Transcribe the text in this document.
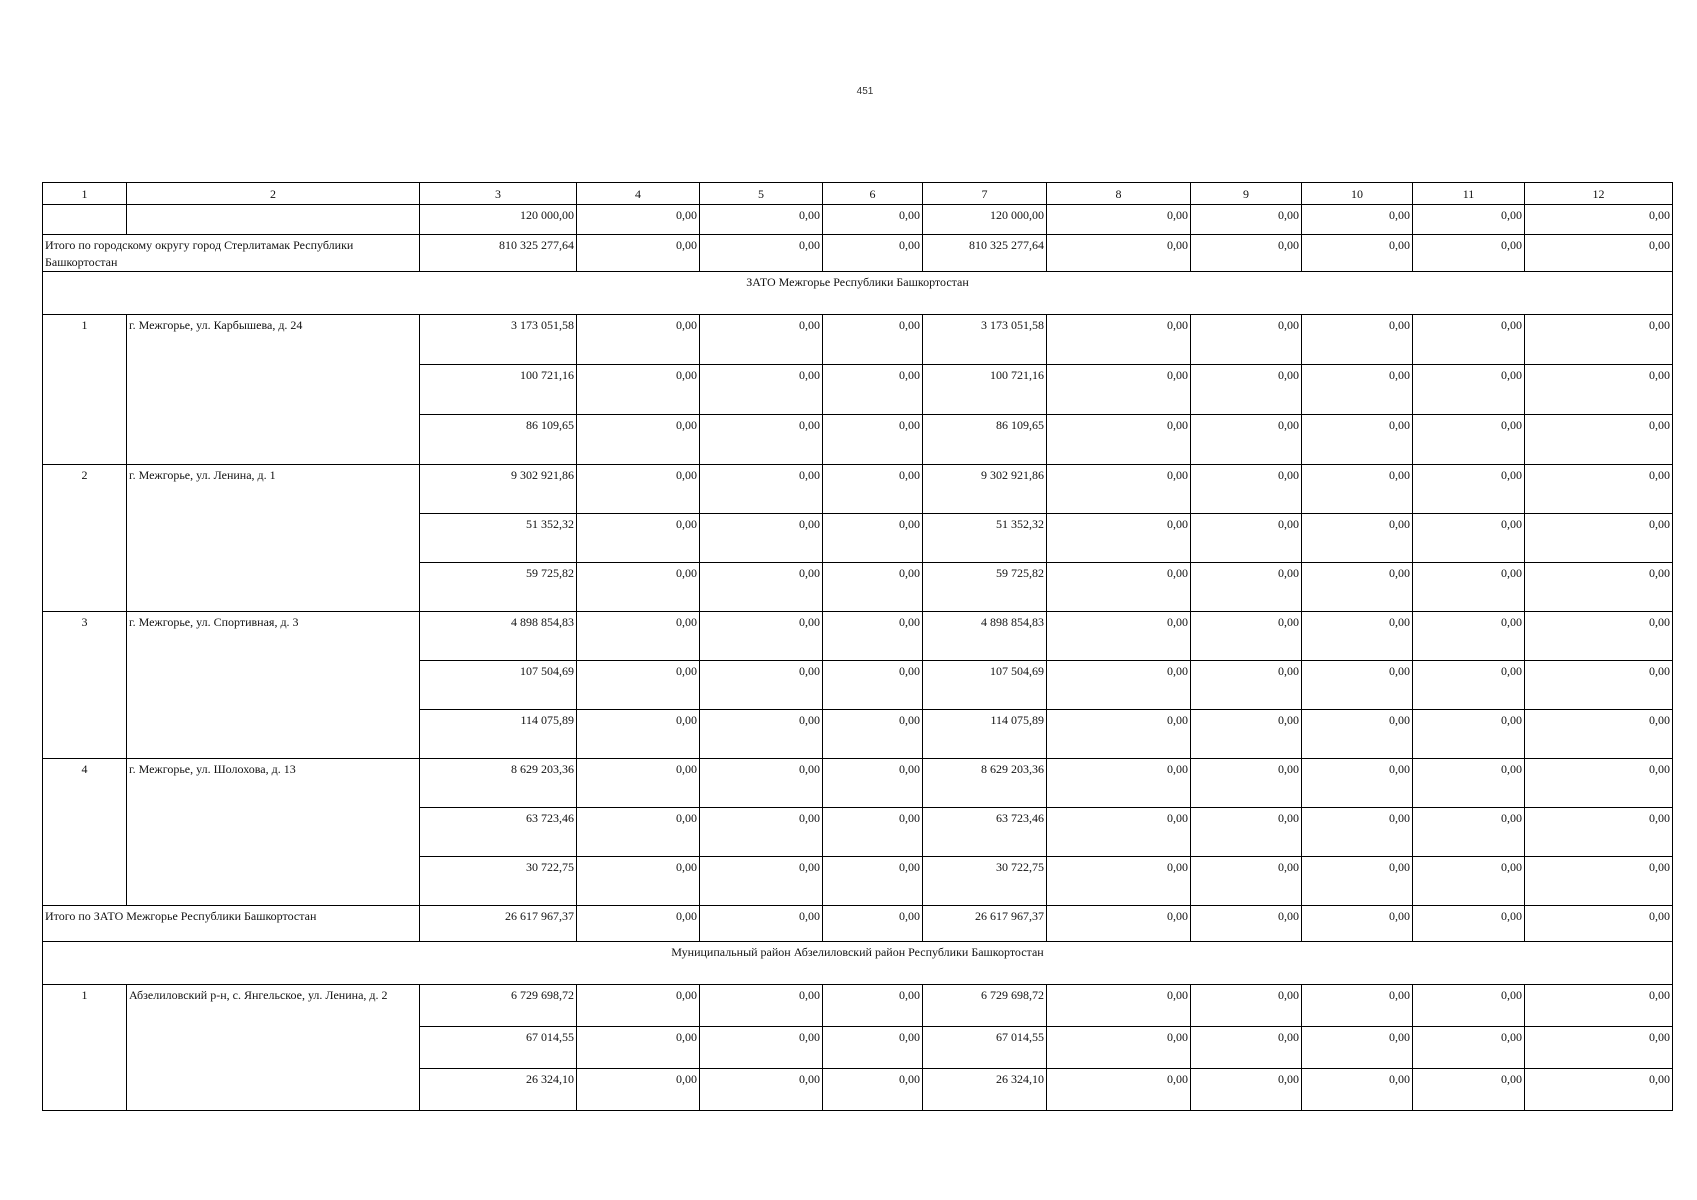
451
1	2	3	4	5	6	7	8	9	10	11	12
		120 000,00	0,00	0,00	0,00	120 000,00	0,00	0,00	0,00	0,00	0,00
Итого по городскому округу город Стерлитамак Республики Башкортостан		810 325 277,64	0,00	0,00	0,00	810 325 277,64	0,00	0,00	0,00	0,00	0,00
ЗАТО Межгорье Республики Башкортостан											
1	г. Межгорье, ул. Карбышева, д. 24	3 173 051,58	0,00	0,00	0,00	3 173 051,58	0,00	0,00	0,00	0,00	0,00
		100 721,16	0,00	0,00	0,00	100 721,16	0,00	0,00	0,00	0,00	0,00
		86 109,65	0,00	0,00	0,00	86 109,65	0,00	0,00	0,00	0,00	0,00
2	г. Межгорье, ул. Ленина, д. 1	9 302 921,86	0,00	0,00	0,00	9 302 921,86	0,00	0,00	0,00	0,00	0,00
		51 352,32	0,00	0,00	0,00	51 352,32	0,00	0,00	0,00	0,00	0,00
		59 725,82	0,00	0,00	0,00	59 725,82	0,00	0,00	0,00	0,00	0,00
3	г. Межгорье, ул. Спортивная, д. 3	4 898 854,83	0,00	0,00	0,00	4 898 854,83	0,00	0,00	0,00	0,00	0,00
		107 504,69	0,00	0,00	0,00	107 504,69	0,00	0,00	0,00	0,00	0,00
		114 075,89	0,00	0,00	0,00	114 075,89	0,00	0,00	0,00	0,00	0,00
4	г. Межгорье, ул. Шолохова, д. 13	8 629 203,36	0,00	0,00	0,00	8 629 203,36	0,00	0,00	0,00	0,00	0,00
		63 723,46	0,00	0,00	0,00	63 723,46	0,00	0,00	0,00	0,00	0,00
		30 722,75	0,00	0,00	0,00	30 722,75	0,00	0,00	0,00	0,00	0,00
Итого по ЗАТО Межгорье Республики Башкортостан		26 617 967,37	0,00	0,00	0,00	26 617 967,37	0,00	0,00	0,00	0,00	0,00
Муниципальный район Абзелиловский район Республики Башкортостан											
1	Абзелиловский р-н, с. Янгельское, ул. Ленина, д. 2	6 729 698,72	0,00	0,00	0,00	6 729 698,72	0,00	0,00	0,00	0,00	0,00
		67 014,55	0,00	0,00	0,00	67 014,55	0,00	0,00	0,00	0,00	0,00
		26 324,10	0,00	0,00	0,00	26 324,10	0,00	0,00	0,00	0,00	0,00
